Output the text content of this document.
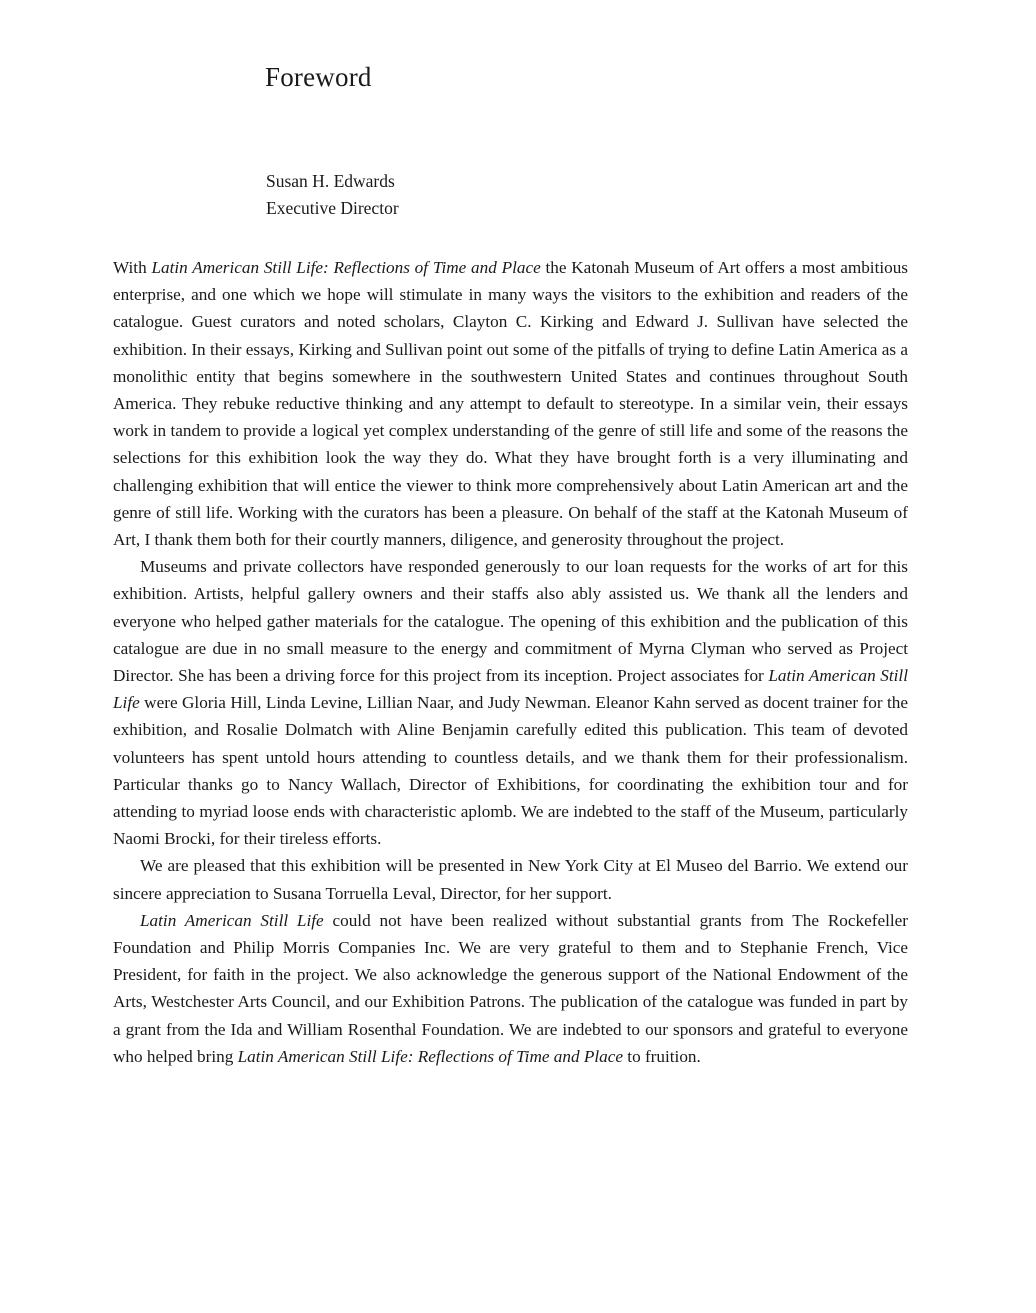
Foreword
Susan H. Edwards
Executive Director

With Latin American Still Life: Reflections of Time and Place the Katonah Museum of Art offers a most ambitious enterprise, and one which we hope will stimulate in many ways the visitors to the exhibition and readers of the catalogue. Guest curators and noted scholars, Clayton C. Kirking and Edward J. Sullivan have selected the exhibition. In their essays, Kirking and Sullivan point out some of the pitfalls of trying to define Latin America as a monolithic entity that begins somewhere in the southwestern United States and continues throughout South America. They rebuke reductive thinking and any attempt to default to stereotype. In a similar vein, their essays work in tandem to provide a logical yet complex understanding of the genre of still life and some of the reasons the selections for this exhibition look the way they do. What they have brought forth is a very illuminating and challenging exhibition that will entice the viewer to think more comprehensively about Latin American art and the genre of still life. Working with the curators has been a pleasure. On behalf of the staff at the Katonah Museum of Art, I thank them both for their courtly manners, diligence, and generosity throughout the project.

Museums and private collectors have responded generously to our loan requests for the works of art for this exhibition. Artists, helpful gallery owners and their staffs also ably assisted us. We thank all the lenders and everyone who helped gather materials for the catalogue. The opening of this exhibition and the publication of this catalogue are due in no small measure to the energy and commitment of Myrna Clyman who served as Project Director. She has been a driving force for this project from its inception. Project associates for Latin American Still Life were Gloria Hill, Linda Levine, Lillian Naar, and Judy Newman. Eleanor Kahn served as docent trainer for the exhibition, and Rosalie Dolmatch with Aline Benjamin carefully edited this publication. This team of devoted volunteers has spent untold hours attending to countless details, and we thank them for their professionalism. Particular thanks go to Nancy Wallach, Director of Exhibitions, for coordinating the exhibition tour and for attending to myriad loose ends with characteristic aplomb. We are indebted to the staff of the Museum, particularly Naomi Brocki, for their tireless efforts.

We are pleased that this exhibition will be presented in New York City at El Museo del Barrio. We extend our sincere appreciation to Susana Torruella Leval, Director, for her support.

Latin American Still Life could not have been realized without substantial grants from The Rockefeller Foundation and Philip Morris Companies Inc. We are very grateful to them and to Stephanie French, Vice President, for faith in the project. We also acknowledge the generous support of the National Endowment of the Arts, Westchester Arts Council, and our Exhibition Patrons. The publication of the catalogue was funded in part by a grant from the Ida and William Rosenthal Foundation. We are indebted to our sponsors and grateful to everyone who helped bring Latin American Still Life: Reflections of Time and Place to fruition.
